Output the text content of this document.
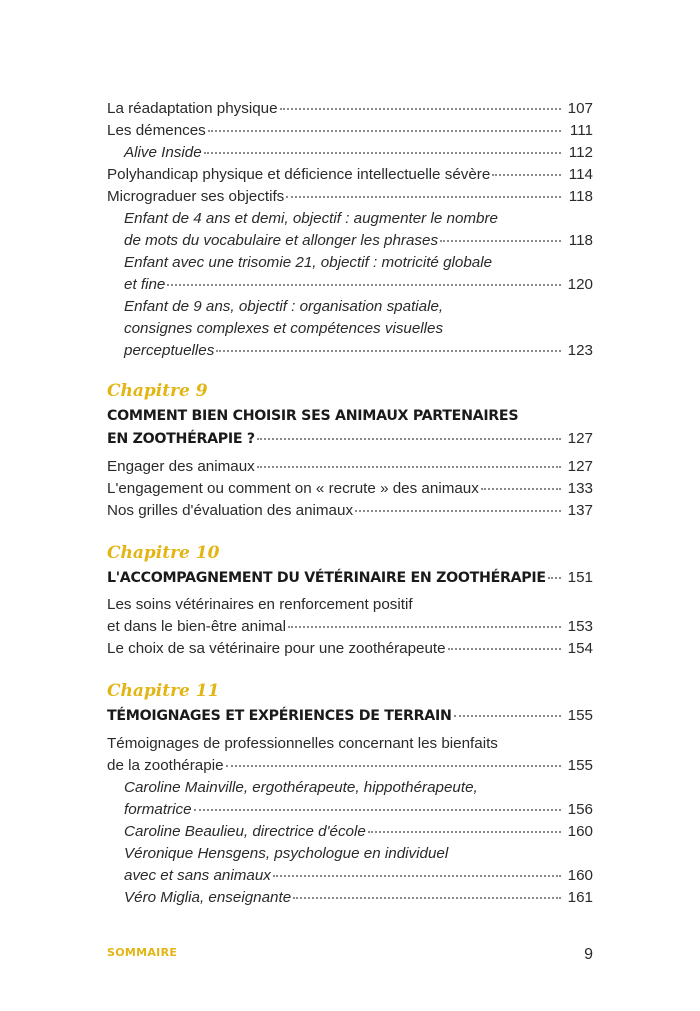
La réadaptation physique	107
Les démences	111
Alive Inside	112
Polyhandicap physique et déficience intellectuelle sévère	114
Micrograduer ses objectifs	118
Enfant de 4 ans et demi, objectif : augmenter le nombre
de mots du vocabulaire et allonger les phrases	118
Enfant avec une trisomie 21, objectif : motricité globale
et fine	120
Enfant de 9 ans, objectif : organisation spatiale,
consignes complexes et compétences visuelles
perceptuelles	123
Chapitre 9
COMMENT BIEN CHOISIR SES ANIMAUX PARTENAIRES
EN ZOOTHÉRAPIE ?	127
Engager des animaux	127
L'engagement ou comment on « recrute » des animaux	133
Nos grilles d'évaluation des animaux	137
Chapitre 10
L'ACCOMPAGNEMENT DU VÉTÉRINAIRE EN ZOOTHÉRAPIE 151
Les soins vétérinaires en renforcement positif
et dans le bien-être animal	153
Le choix de sa vétérinaire pour une zoothérapeute	154
Chapitre 11
TÉMOIGNAGES ET EXPÉRIENCES DE TERRAIN	155
Témoignages de professionnelles concernant les bienfaits
de la zoothérapie	155
Caroline Mainville, ergothérapeute, hippothérapeute,
formatrice	156
Caroline Beaulieu, directrice d'école	160
Véronique Hensgens, psychologue en individuel
avec et sans animaux	160
Véro Miglia, enseignante	161
SOMMAIRE	9
